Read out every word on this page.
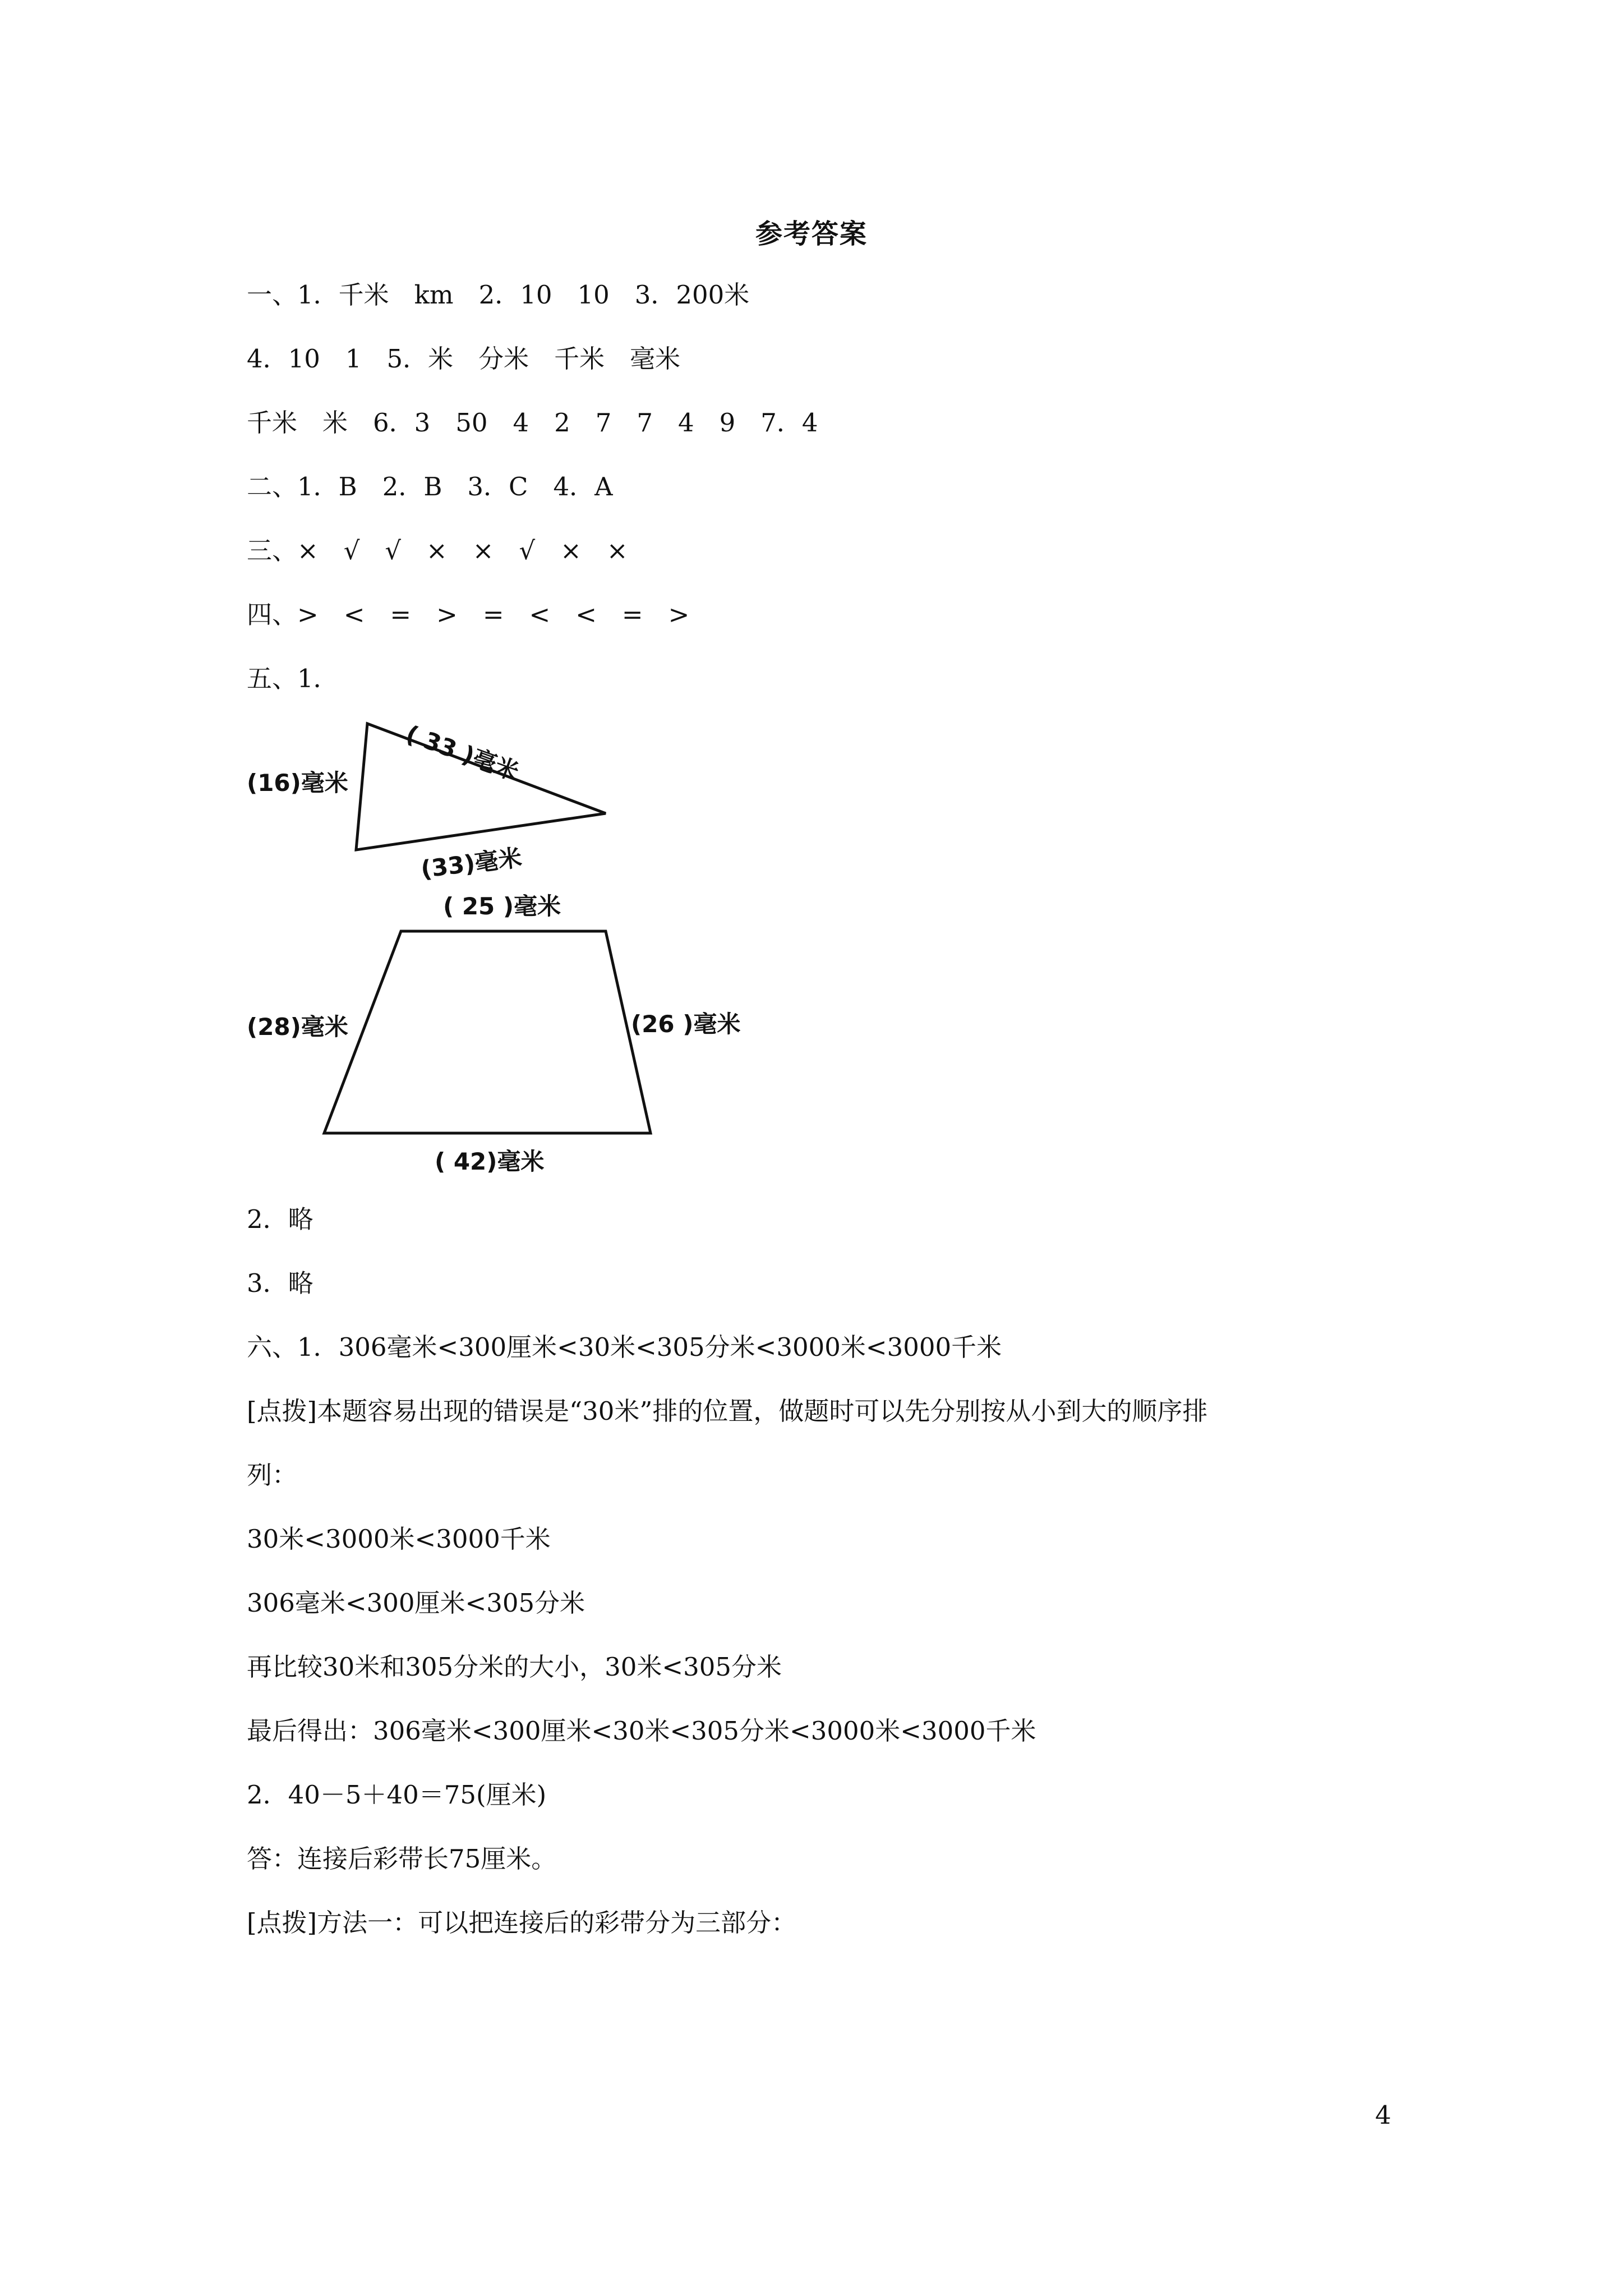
参考答案
一、1．千米　km　2．10　10　3．200米
4．10　1　5．米　分米　千米　毫米
千米　米　6．3　50　4　2　7　7　4　9　7．4
二、1．B　2．B　3．C　4．A
三、×　√　√　×　×　√　×　×
四、>　<　=　>　=　<　<　=　>
五、1．
( 33 )毫米
(16)毫米
(33)毫米
( 25 )毫米
(28)毫米	(26 )毫米
( 42)毫米
2．略
3．略
六、1．306毫米<300厘米<30米<305分米<3000米<3000千米
[点拨]本题容易出现的错误是“30米”排的位置，做题时可以先分别按从小到大的顺序排
列：
30米<3000米<3000千米
306毫米<300厘米<305分米
再比较30米和305分米的大小，30米<305分米
最后得出：306毫米<300厘米<30米<305分米<3000米<3000千米
2．40－5＋40＝75(厘米)
答：连接后彩带长75厘米。
[点拨]方法一：可以把连接后的彩带分为三部分：
4
